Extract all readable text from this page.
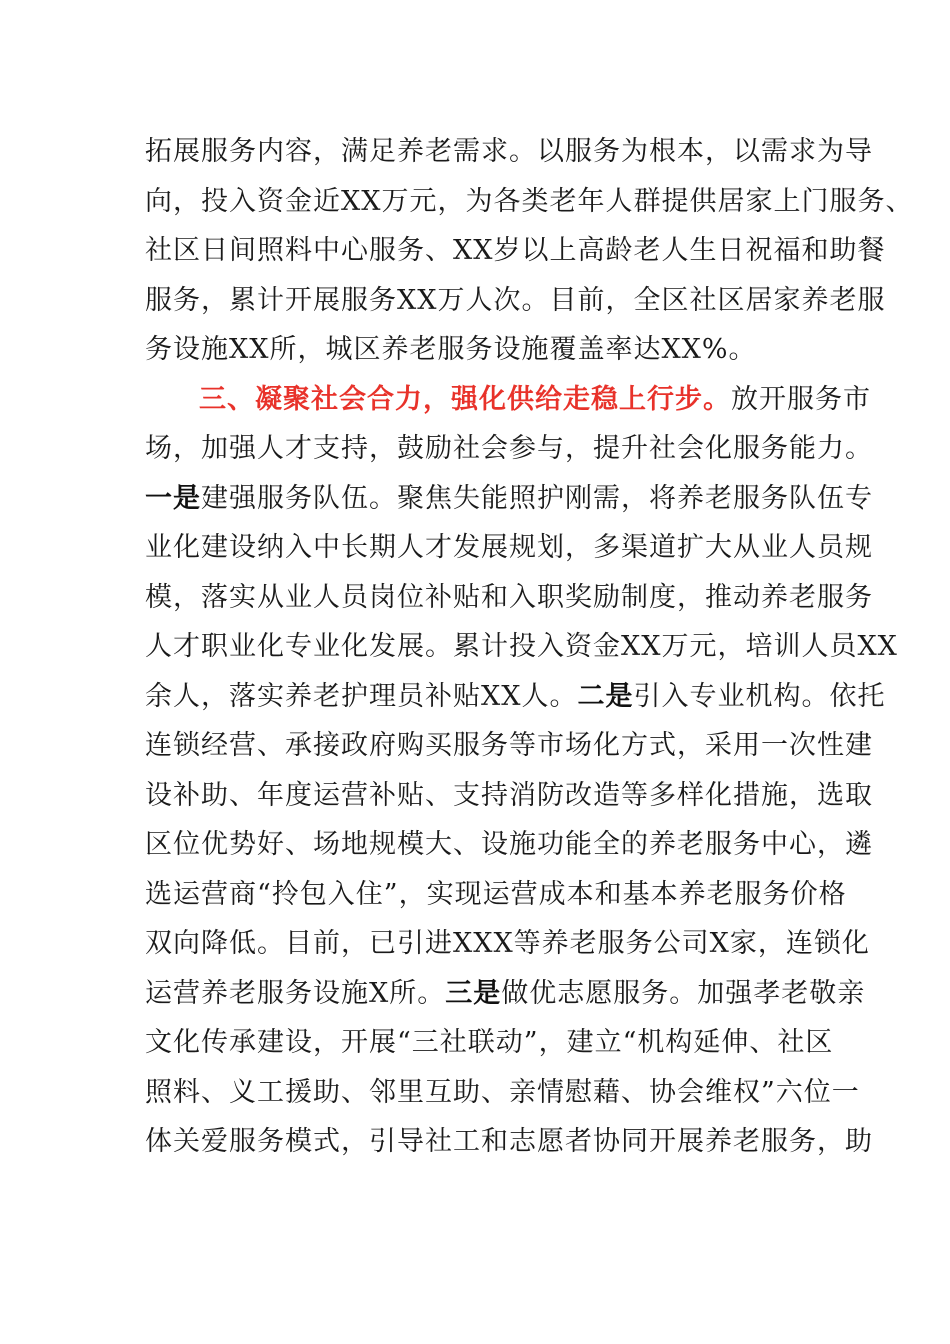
拓展服务内容，满足养老需求。以服务为根本，以需求为导
向，投入资金近XX万元，为各类老年人群提供居家上门服务、
社区日间照料中心服务、XX岁以上高龄老人生日祝福和助餐
服务，累计开展服务XX万人次。目前，全区社区居家养老服
务设施XX所，城区养老服务设施覆盖率达XX%。
三、凝聚社会合力，强化供给走稳上行步。放开服务市
场，加强人才支持，鼓励社会参与，提升社会化服务能力。
一是建强服务队伍。聚焦失能照护刚需，将养老服务队伍专
业化建设纳入中长期人才发展规划，多渠道扩大从业人员规
模，落实从业人员岗位补贴和入职奖励制度，推动养老服务
人才职业化专业化发展。累计投入资金XX万元，培训人员XX
余人，落实养老护理员补贴XX人。二是引入专业机构。依托
连锁经营、承接政府购买服务等市场化方式，采用一次性建
设补助、年度运营补贴、支持消防改造等多样化措施，选取
区位优势好、场地规模大、设施功能全的养老服务中心，遴
选运营商“拎包入住”，实现运营成本和基本养老服务价格
双向降低。目前，已引进XXX等养老服务公司X家，连锁化
运营养老服务设施X所。三是做优志愿服务。加强孝老敬亲
文化传承建设，开展“三社联动”，建立“机构延伸、社区
照料、义工援助、邻里互助、亲情慰藉、协会维权”六位一
体关爱服务模式，引导社工和志愿者协同开展养老服务，助
